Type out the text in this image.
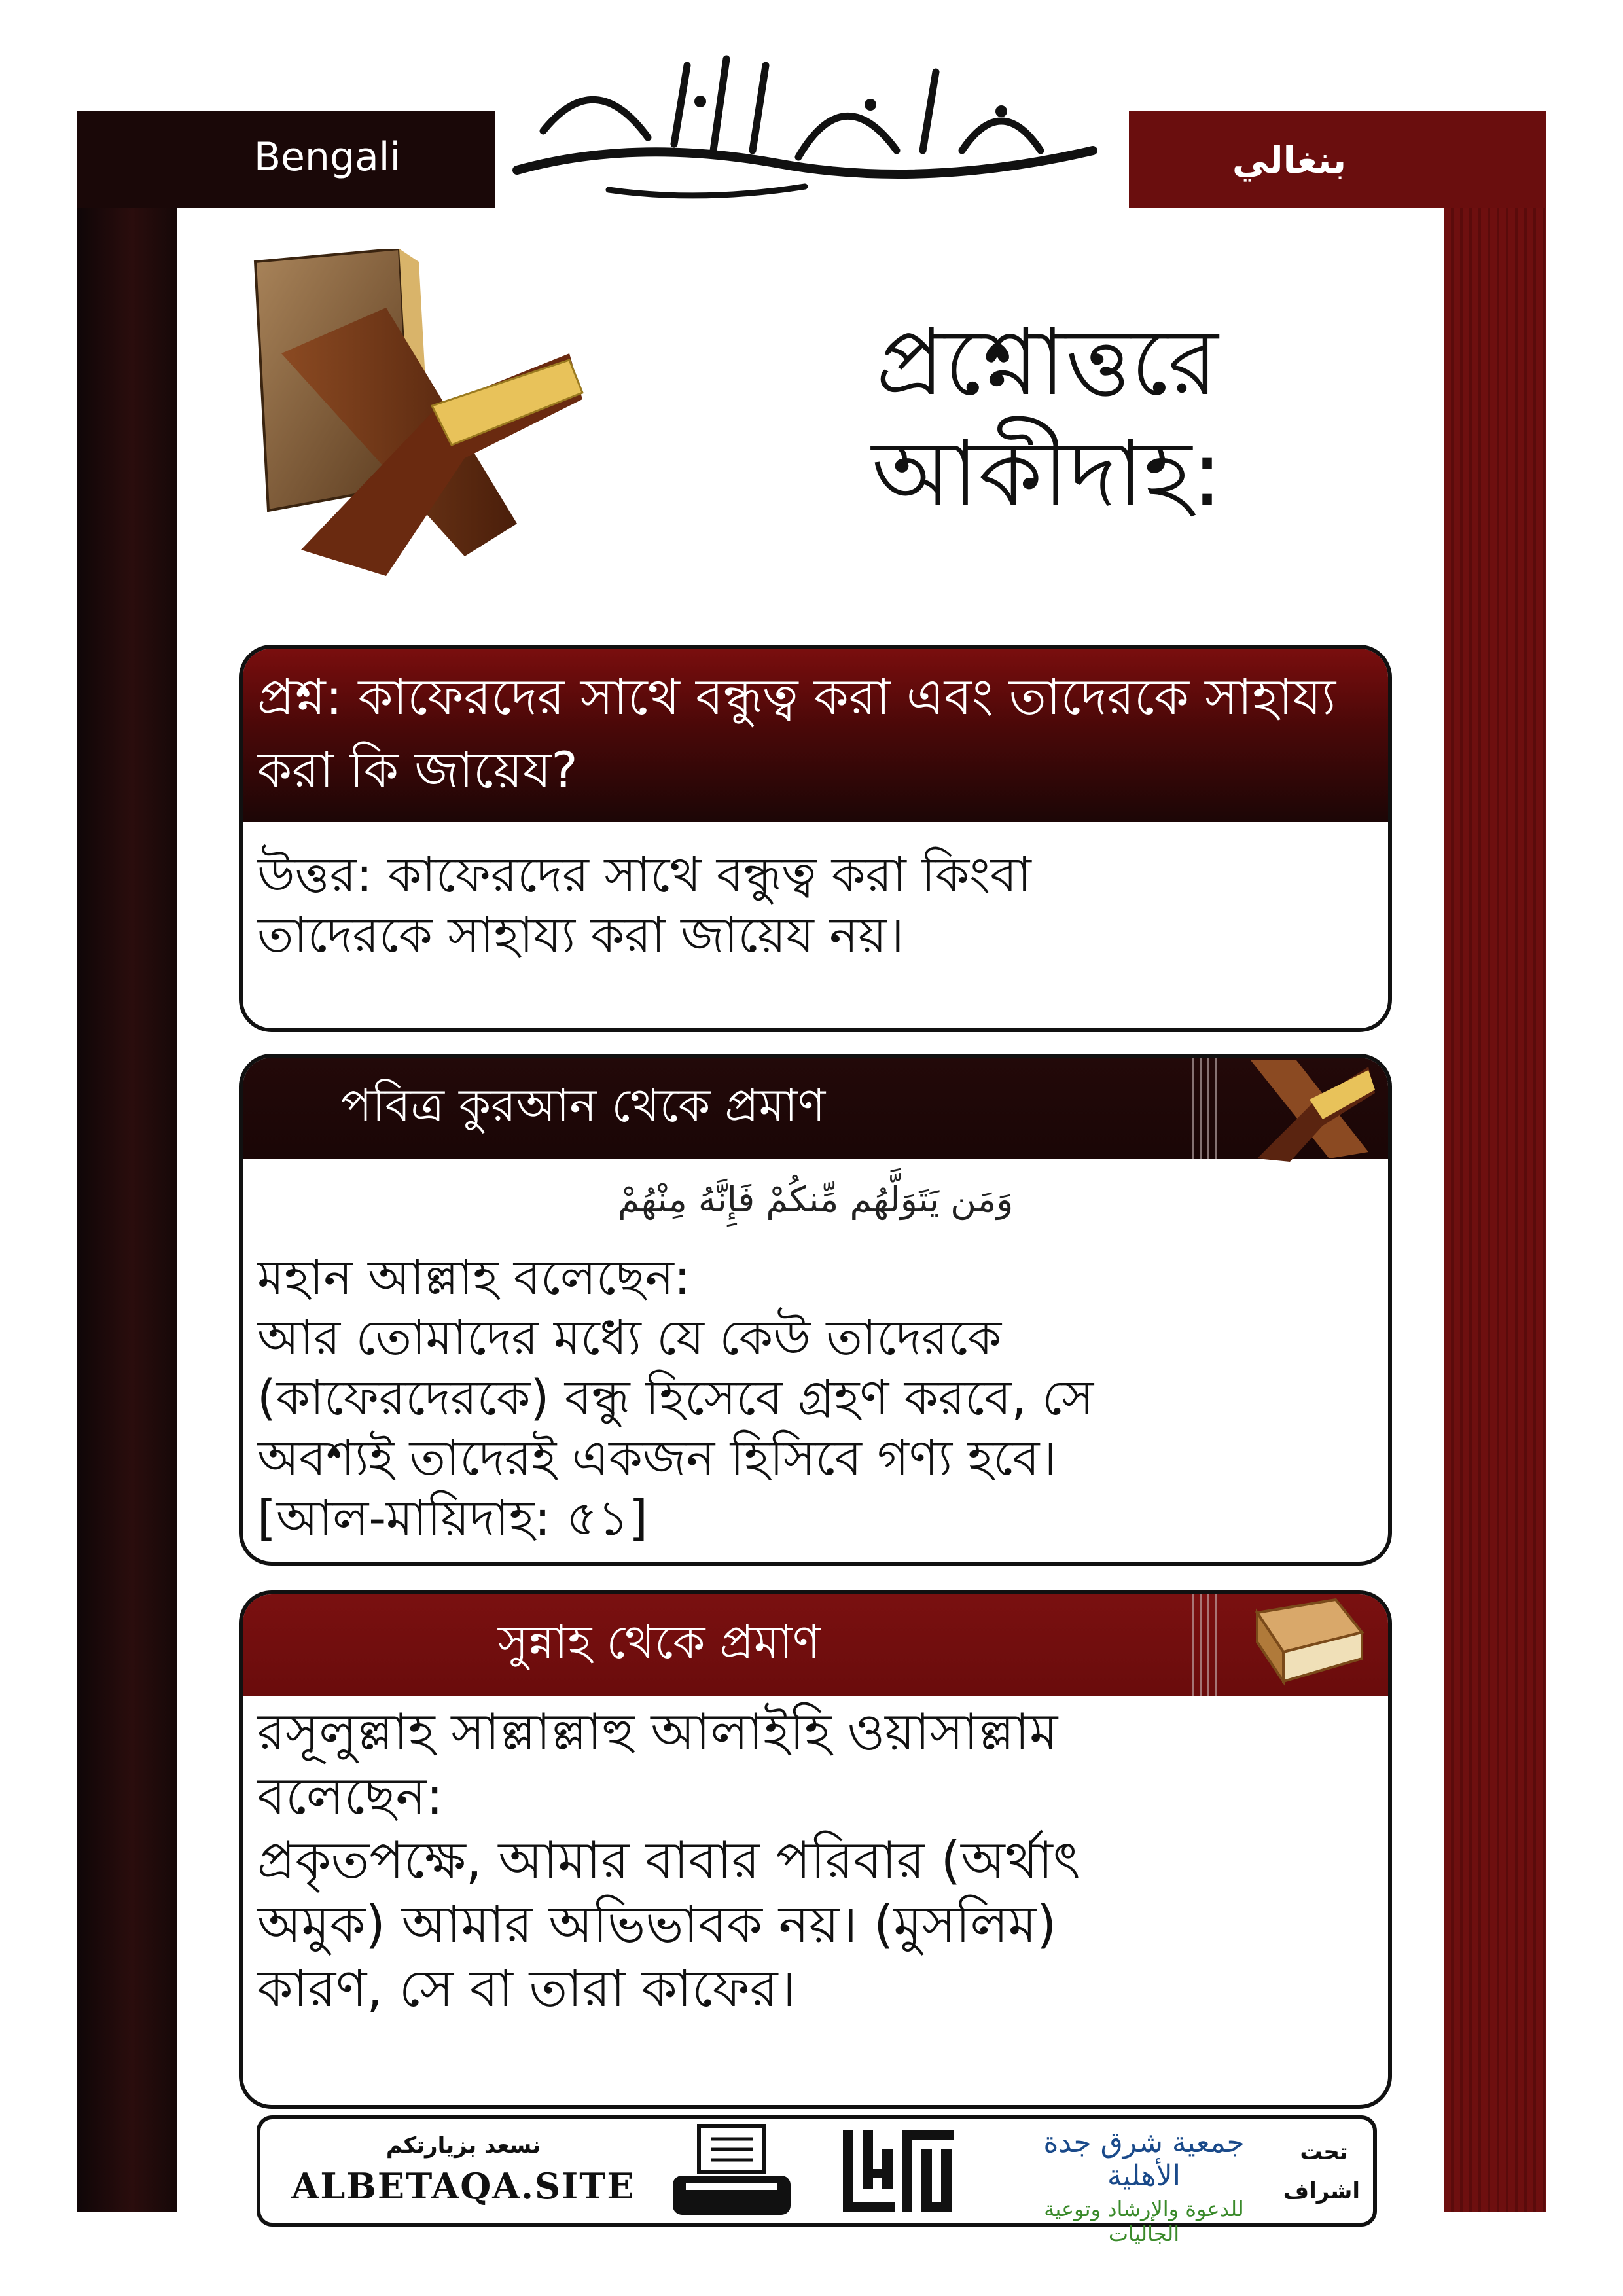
Bengali	بنغالي
প্রশ্নোত্তরে
আকীদাহ:
প্রশ্ন: কাফেরদের সাথে বন্ধুত্ব করা এবং তাদেরকে সাহায্য করা কি জায়েয?
উত্তর: কাফেরদের সাথে বন্ধুত্ব করা কিংবা
তাদেরকে সাহায্য করা জায়েয নয়।
পবিত্র কুরআন থেকে প্রমাণ
وَمَن يَتَوَلَّهُم مِّنكُمْ فَإِنَّهُ مِنْهُمْ
মহান আল্লাহ বলেছেন:
আর তোমাদের মধ্যে যে কেউ তাদেরকে
(কাফেরদেরকে) বন্ধু হিসেবে গ্রহণ করবে, সে
অবশ্যই তাদেরই একজন হিসিবে গণ্য হবে।
[আল-মায়িদাহ: ৫১]
সুন্নাহ থেকে প্রমাণ
রসূলুল্লাহ সাল্লাল্লাহু আলাইহি ওয়াসাল্লাম
বলেছেন:
প্রকৃতপক্ষে, আমার বাবার পরিবার (অর্থাৎ
অমুক) আমার অভিভাবক নয়। (মুসলিম)
কারণ, সে বা তারা কাফের।
نسعد بزيارتكم
ALBETAQA.SITE
جمعية شرق جدة الأهلية
للدعوة والإرشاد وتوعية الجاليات
تحت
اشراف
